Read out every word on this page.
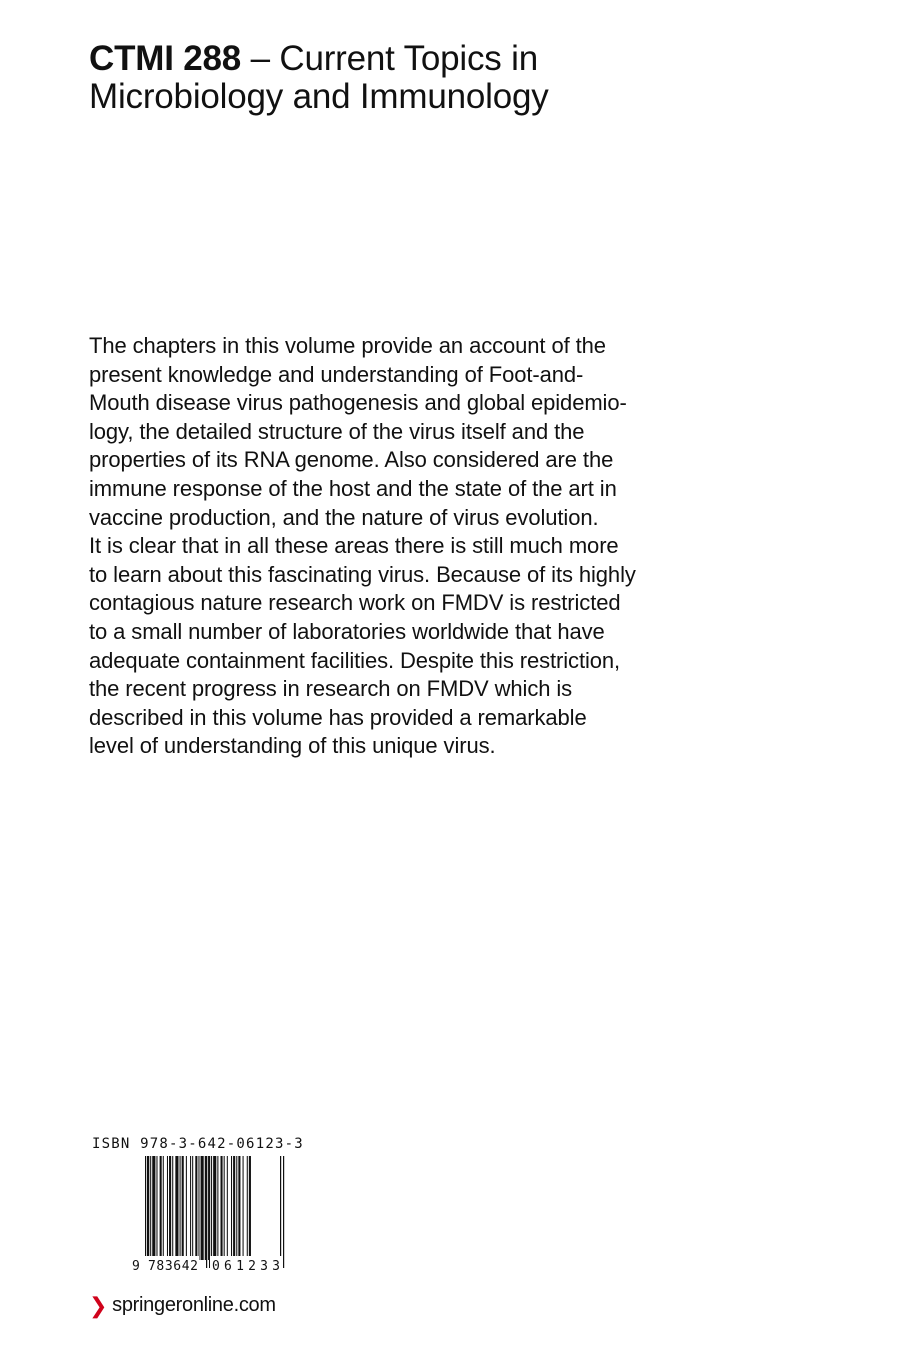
CTMI 288 – Current Topics in
Microbiology and Immunology
The chapters in this volume provide an account of the
present knowledge and understanding of Foot-and-
Mouth disease virus pathogenesis and global epidemio-
logy, the detailed structure of the virus itself and the
properties of its RNA genome. Also considered are the
immune response of the host and the state of the art in
vaccine production, and the nature of virus evolution.
It is clear that in all these areas there is still much more
to learn about this fascinating virus. Because of its highly
contagious nature research work on FMDV is restricted
to a small number of laboratories worldwide that have
adequate containment facilities. Despite this restriction,
the recent progress in research on FMDV which is
described in this volume has provided a remarkable
level of understanding of this unique virus.
ISBN 978-3-642-06123-3
9 783642 061233
❯ springeronline.com
